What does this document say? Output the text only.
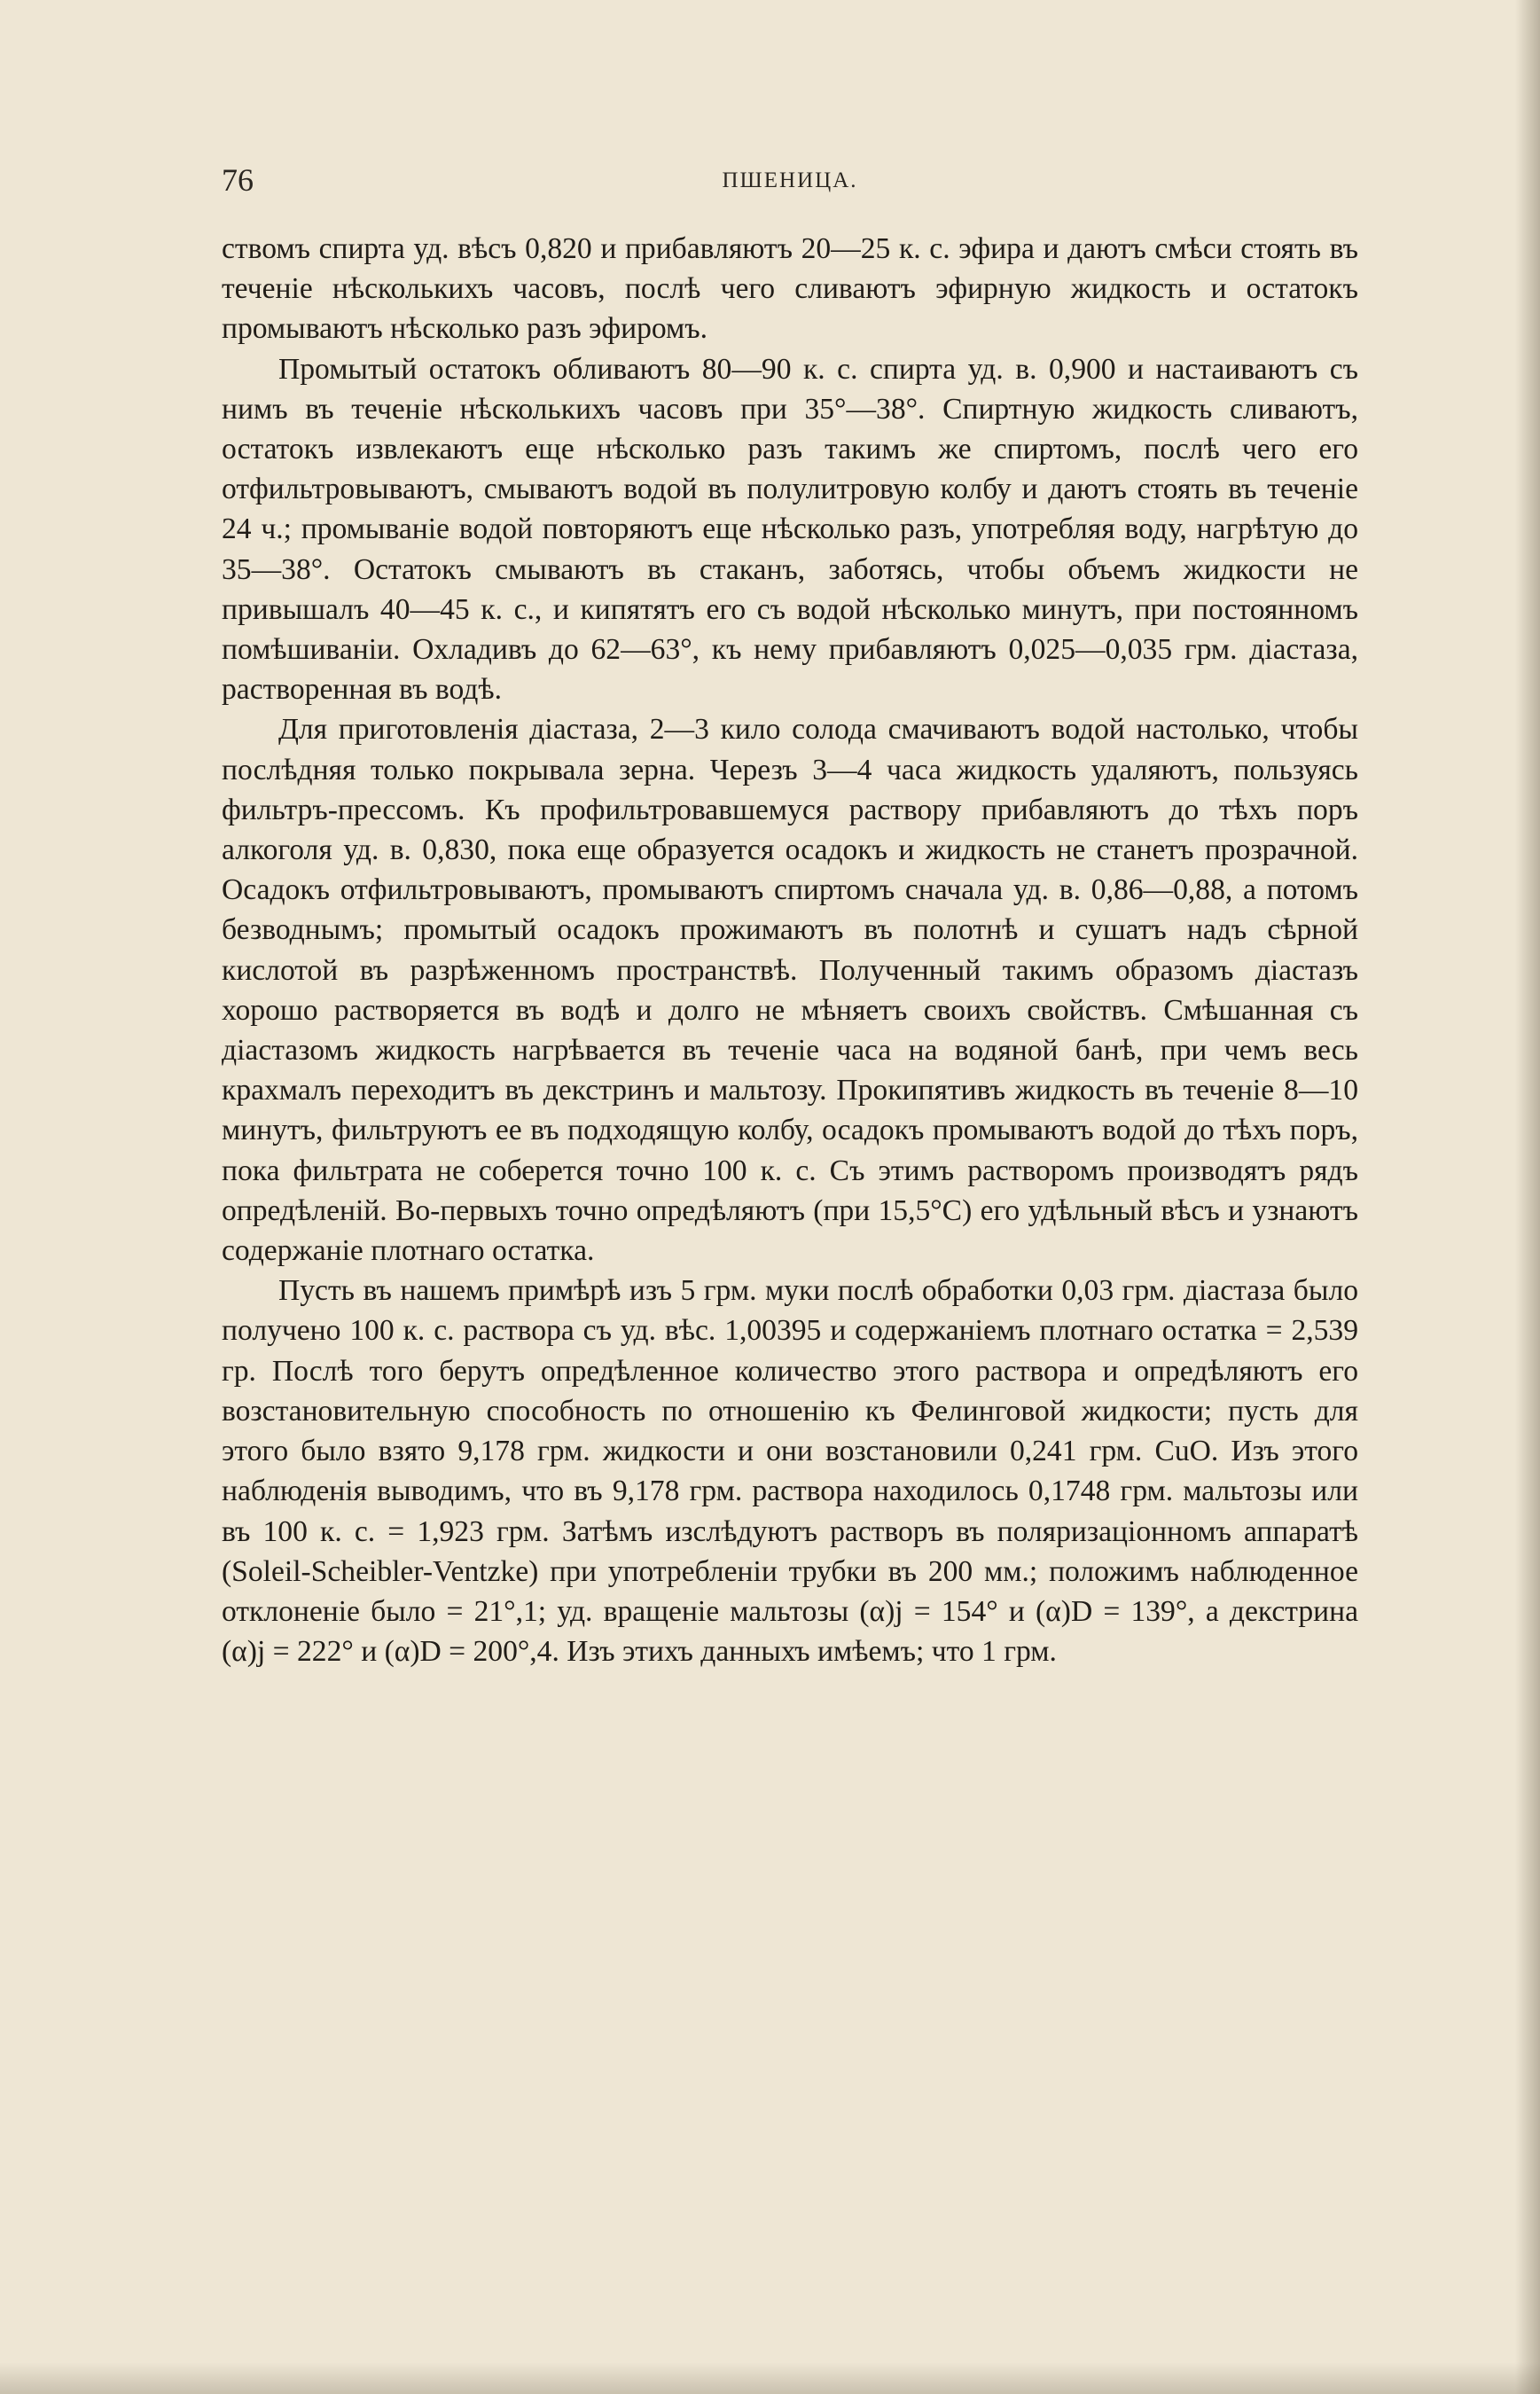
76	ПШЕНИЦА.

ствомъ спирта уд. вѣсъ 0,820 и прибавляютъ 20—25 к. с. эфира и даютъ смѣси стоять въ теченіе нѣсколькихъ часовъ, послѣ чего сливаютъ эфирную жидкость и остатокъ промываютъ нѣсколько разъ эфиромъ.

Промытый остатокъ обливаютъ 80—90 к. с. спирта уд. в. 0,900 и настаиваютъ съ нимъ въ теченіе нѣсколькихъ часовъ при 35°—38°. Спиртную жидкость сливаютъ, остатокъ извлекаютъ еще нѣсколько разъ такимъ же спиртомъ, послѣ чего его отфильтровываютъ, смываютъ водой въ полулитровую колбу и даютъ стоять въ теченіе 24 ч.; промываніе водой повторяютъ еще нѣсколько разъ, употребляя воду, нагрѣтую до 35—38°. Остатокъ смываютъ въ стаканъ, заботясь, чтобы объемъ жидкости не привышалъ 40—45 к. с., и кипятятъ его съ водой нѣсколько минутъ, при постоянномъ помѣшиваніи. Охладивъ до 62—63°, къ нему прибавляютъ 0,025—0,035 грм. діастаза, растворенная въ водѣ.

Для приготовленія діастаза, 2—3 кило солода смачиваютъ водой настолько, чтобы послѣдняя только покрывала зерна. Черезъ 3—4 часа жидкость удаляютъ, пользуясь фильтръ-прессомъ. Къ профильтровавшемуся раствору прибавляютъ до тѣхъ поръ алкоголя уд. в. 0,830, пока еще образуется осадокъ и жидкость не станетъ прозрачной. Осадокъ отфильтровываютъ, промываютъ спиртомъ сначала уд. в. 0,86—0,88, а потомъ безводнымъ; промытый осадокъ прожимаютъ въ полотнѣ и сушатъ надъ сѣрной кислотой въ разрѣженномъ пространствѣ. Полученный такимъ образомъ діастазъ хорошо растворяется въ водѣ и долго не мѣняетъ своихъ свойствъ. Смѣшанная съ діастазомъ жидкость нагрѣвается въ теченіе часа на водяной банѣ, при чемъ весь крахмалъ переходитъ въ декстринъ и мальтозу. Прокипятивъ жидкость въ теченіе 8—10 минутъ, фильтруютъ ее въ подходящую колбу, осадокъ промываютъ водой до тѣхъ поръ, пока фильтрата не соберется точно 100 к. с. Съ этимъ растворомъ производятъ рядъ опредѣленій. Во-первыхъ точно опредѣляютъ (при 15,5°С) его удѣльный вѣсъ и узнаютъ содержаніе плотнаго остатка.

Пусть въ нашемъ примѣрѣ изъ 5 грм. муки послѣ обработки 0,03 грм. діастаза было получено 100 к. с. раствора съ уд. вѣс. 1,00395 и содержаніемъ плотнаго остатка = 2,539 гр. Послѣ того берутъ опредѣленное количество этого раствора и опредѣляютъ его возстановительную способность по отношенію къ Фелинговой жидкости; пусть для этого было взято 9,178 грм. жидкости и они возстановили 0,241 грм. CuO. Изъ этого наблюденія выводимъ, что въ 9,178 грм. раствора находилось 0,1748 грм. мальтозы или въ 100 к. с. = 1,923 грм. Затѣмъ изслѣдуютъ растворъ въ поляризаціонномъ аппаратѣ (Soleil-Scheibler-Ventzke) при употребленіи трубки въ 200 мм.; положимъ наблюденное отклоненіе было = 21°,1; уд. вращеніе мальтозы (α)j = 154° и (α)D = 139°, а декстрина (α)j = 222° и (α)D = 200°,4. Изъ этихъ данныхъ имѣемъ; что 1 грм.
